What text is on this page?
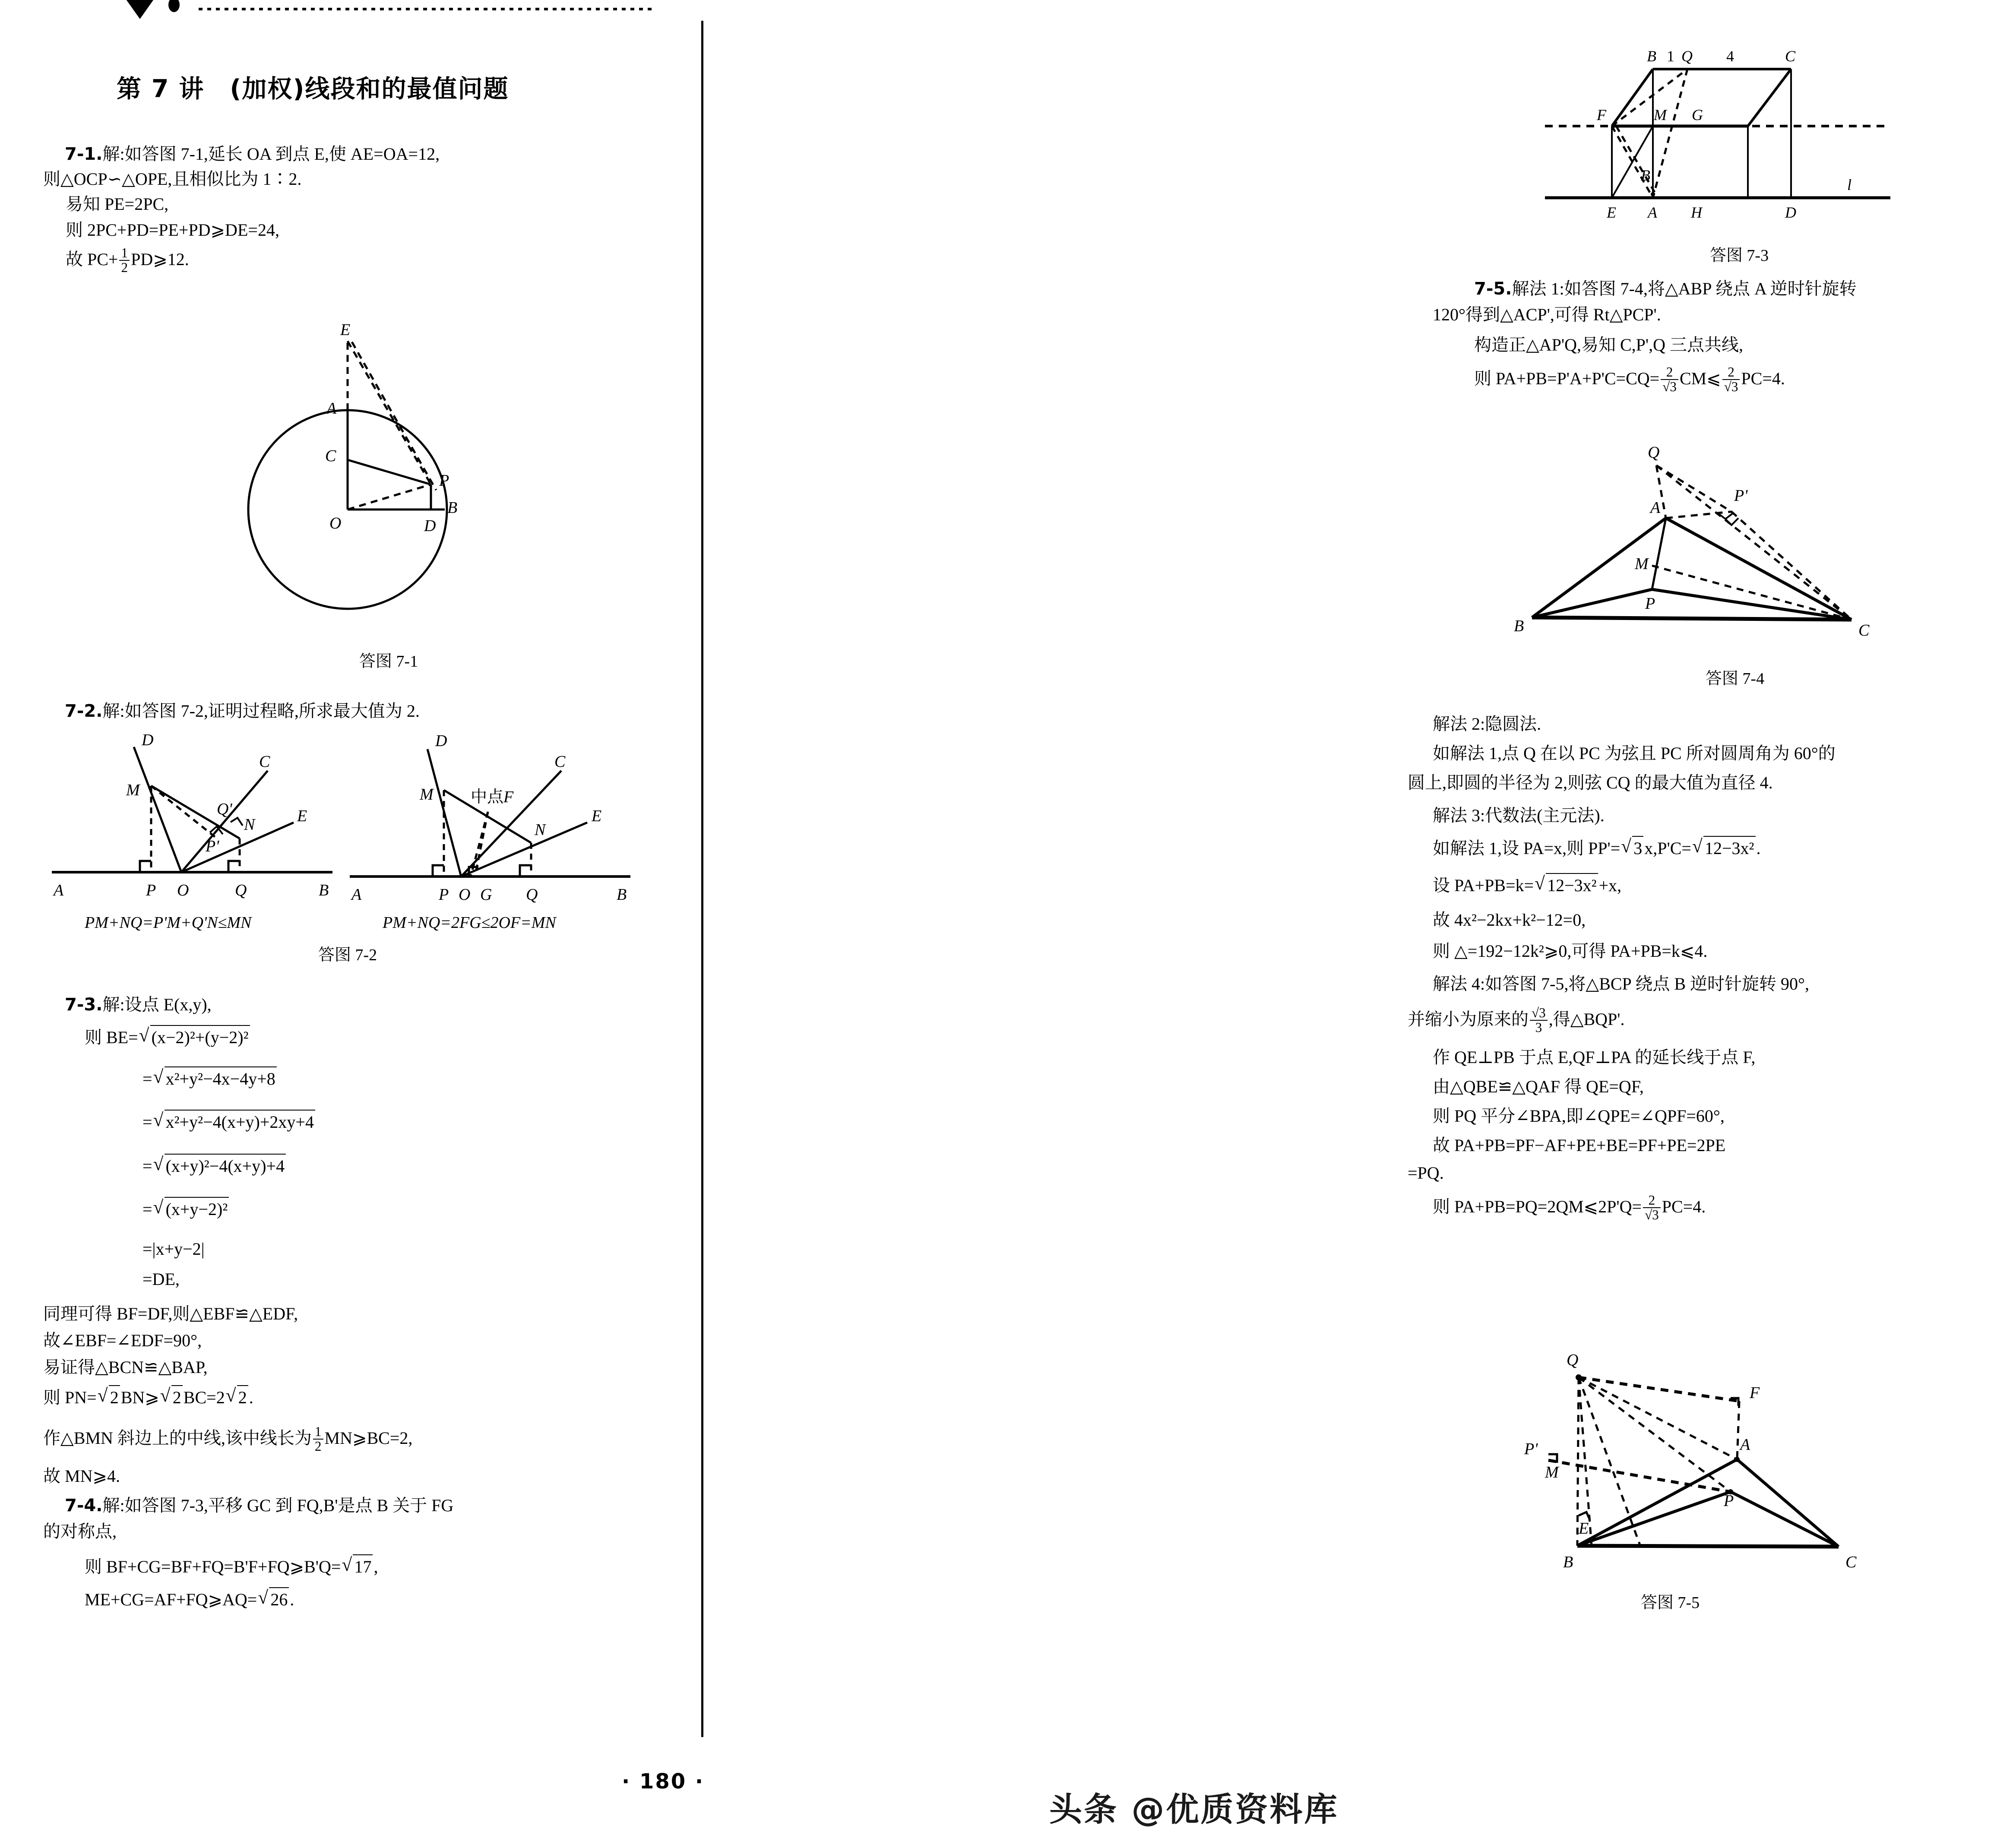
第 7 讲　(加权)线段和的最值问题
7-1.解:如答图 7-1,延长 OA 到点 E,使 AE=OA=12,
则△OCP∽△OPE,且相似比为 1∶2.
易知 PE=2PC,
则 2PC+PD=PE+PD⩾DE=24,
故 $PC+ \frac{1}{2}$ PD⩾12.
E
A
C
P
O	D
B
答图 7-1
7-2.解:如答图 7-2,证明过程略,所求最大值为 2.
D
C
E
M
N
Q'
P'
A	P O	Q	B
D
C
E
M
N
中点 F
A	P O G Q	B
PM+NQ=P'M+Q'N≤MN	PM+NQ=2FG≤2OF=MN
答图 7-2
7-3.解:设点 E(x,y),
则 BE= √ (x−2)²+(y−2)²
= √ x²+y²−4x−4y+8
= √ x²+y²−4(x+y)+2xy+4
= √ (x+y)²−4(x+y)+4
= √ (x+y−2)²
=|x+y−2|
=DE,
同理可得 BF=DF,则△EBF≌△EDF,
故∠EBF=∠EDF=90°,
易证得△BCN≌△BAP,
则 PN= √ 2 BN⩾ √ 2 BC=2 √ 2 .
作△BMN 斜边上的中线,该中线长为 $\frac{1}{2}$ MN⩾BC=2,
故 MN⩾4.
7-4.解:如答图 7-3,平移 GC 到 FQ,B'是点 B 关于 FG
的对称点,
则 BF+CG=BF+FQ=B'F+FQ⩾B'Q= √ 17 ,
ME+CG=AF+FQ⩾AQ= √ 26 .
B 1 Q 4	C
F	M G
B'
E A H	D
l
答图 7-3
7-5.解法 1:如答图 7-4,将△ABP 绕点 A 逆时针旋转
120°得到△ACP',可得 Rt△PCP'.
构造正△AP'Q,易知 C,P',Q 三点共线,
则 $PA+PB=P'A+P'C=CQ= \frac{2}{√3}$ CM⩽ $\frac{2}{√3} PC=4$.
Q
P'
A
M
P
B	C
答图 7-4
解法 2:隐圆法.
如解法 1,点 Q 在以 PC 为弦且 PC 所对圆周角为 60°的
圆上,即圆的半径为 2,则弦 CQ 的最大值为直径 4.
解法 3:代数法(主元法).
如解法 1,设 PA=x,则 PP'= √ 3 x,P'C= √ 12−3x² .
设 PA+PB=k= √ 12−3x² +x,
故 4x²−2kx+k²−12=0,
则 △=192−12k²⩾0,可得 PA+PB=k⩽4.
解法 4:如答图 7-5,将△BCP 绕点 B 逆时针旋转 90°,
并缩小为原来的 $\frac{√3}{3}$ ,得△BQP'.
作 QE⊥PB 于点 E,QF⊥PA 的延长线于点 F,
由△QBE≌△QAF 得 QE=QF,
则 PQ 平分∠BPA,即∠QPE=∠QPF=60°,
故 PA+PB=PF−AF+PE+BE=PF+PE=2PE
=PQ.
则 PA+PB=PQ=2QM⩽2P'Q= $\frac{2}{√3} PC=4$.
Q
F
P'
M
A
P
E
B	C
答图 7-5
· 180 ·
头条 @优质资料库
